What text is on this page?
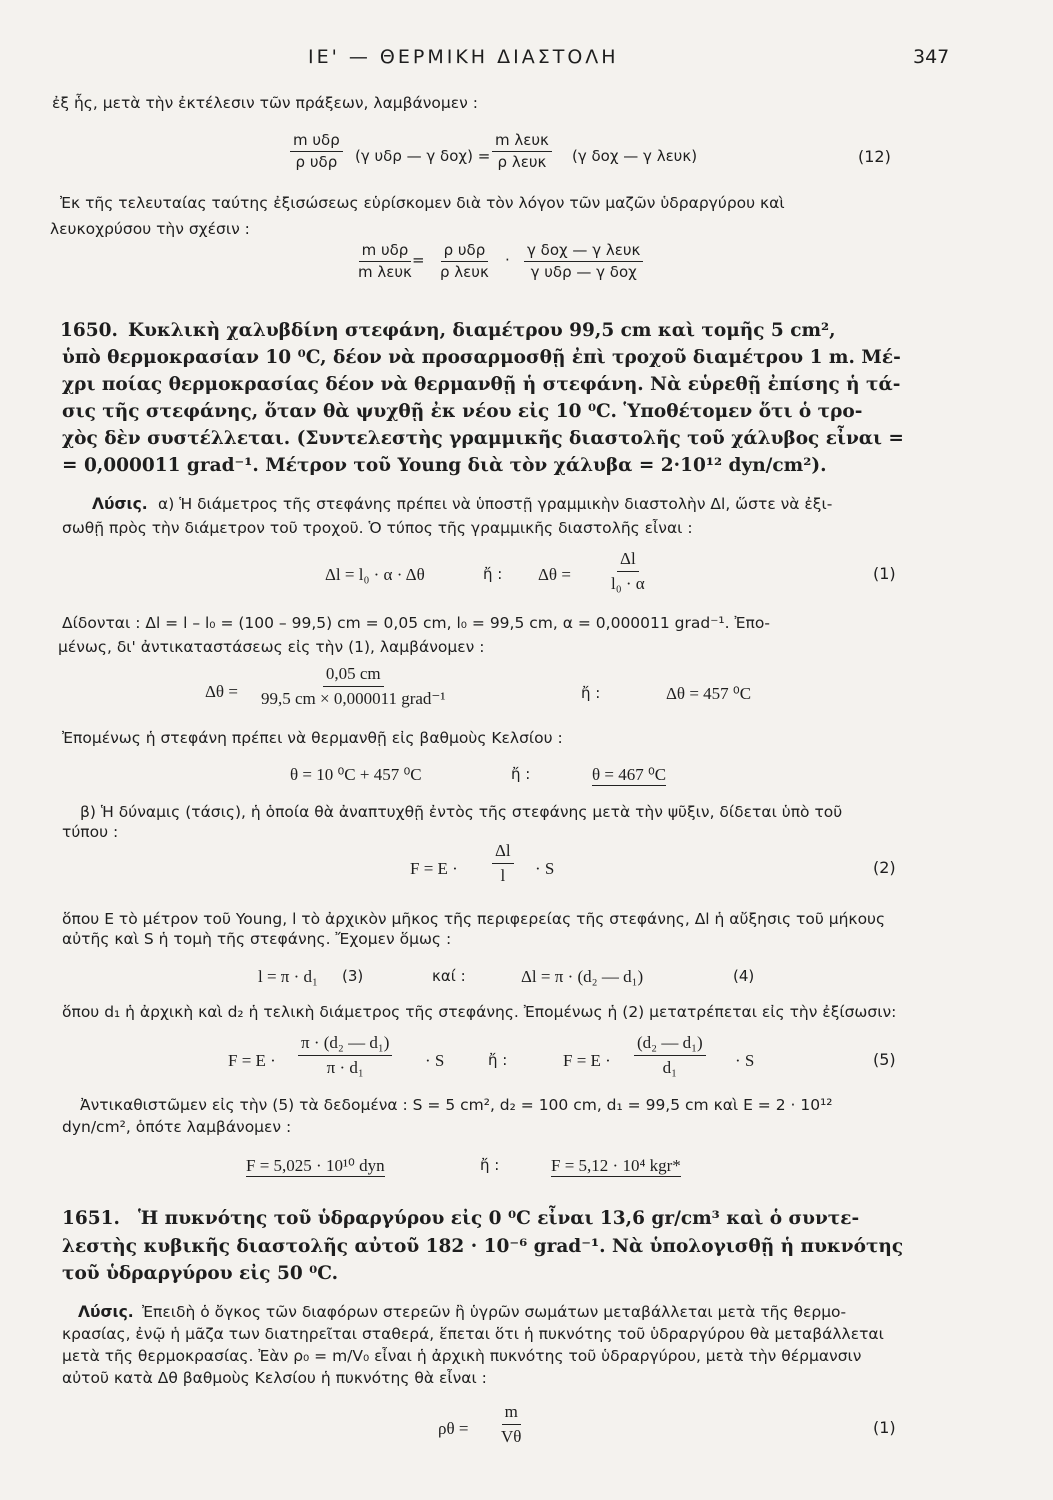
ΙΕ' — ΘΕΡΜΙΚΗ ΔΙΑΣΤΟΛΗ	347
ἐξ ἧς, μετὰ τὴν ἐκτέλεσιν τῶν πράξεων, λαμβάνομεν :
m υδρ
ρ υδρ (γ υδρ — γ δοχ) =
m λευκ
ρ λευκ (γ δοχ — γ λευκ)	(12)
Ἐκ τῆς τελευταίας ταύτης ἐξισώσεως εὑρίσκομεν διὰ τὸν λόγον τῶν μαζῶν ὑδραργύρου καὶ
λευκοχρύσου τὴν σχέσιν :
m υδρ
m λευκ
=
ρ υδρ
ρ λευκ
·
γ δοχ — γ λευκ
γ υδρ — γ δοχ
1650. Κυκλικὴ χαλυβδίνη στεφάνη, διαμέτρου 99,5 cm καὶ τομῆς 5 cm²,
ὑπὸ θερμοκρασίαν 10 ⁰C, δέον νὰ προσαρμοσθῇ ἐπὶ τροχοῦ διαμέτρου 1 m. Μέ-
χρι ποίας θερμοκρασίας δέον νὰ θερμανθῇ ἡ στεφάνη. Νὰ εὑρεθῇ ἐπίσης ἡ τά-
σις τῆς στεφάνης, ὅταν θὰ ψυχθῇ ἐκ νέου εἰς 10 ⁰C. Ὑποθέτομεν ὅτι ὁ τρο-
χὸς δὲν συστέλλεται. (Συντελεστὴς γραμμικῆς διαστολῆς τοῦ χάλυβος εἶναι =
= 0,000011 grad⁻¹. Μέτρον τοῦ Young διὰ τὸν χάλυβα = 2·10¹² dyn/cm²).
Λύσις. α) Ἡ διάμετρος τῆς στεφάνης πρέπει νὰ ὑποστῇ γραμμικὴν διαστολὴν Δl, ὥστε νὰ ἐξι-
σωθῇ πρὸς τὴν διάμετρον τοῦ τροχοῦ. Ὁ τύπος τῆς γραμμικῆς διαστολῆς εἶναι :
Δl = l₀ · α · Δθ	ἤ : $\Delta\theta = \frac{\Delta l}{\text{l₀ · α}}$	(1)
Δίδονται : Δl = l – l₀ = (100 – 99,5) cm = 0,05 cm, l₀ = 99,5 cm, α = 0,000011 grad⁻¹. Ἐπο-
μένως, δι' ἀντικαταστάσεως εἰς τὴν (1), λαμβάνομεν :
Δθ =
0,05 cm
99,5 cm × 0,000011 grad⁻¹	ἤ :	Δθ = 457 ⁰C
Ἐπομένως ἡ στεφάνη πρέπει νὰ θερμανθῇ εἰς βαθμοὺς Κελσίου :
θ = 10 ⁰C + 457 ⁰C	ἤ :	θ = 467 ⁰C
β) Ἡ δύναμις (τάσις), ἡ ὁποία θὰ ἀναπτυχθῇ ἐντὸς τῆς στεφάνης μετὰ τὴν ψῦξιν, δίδεται ὑπὸ τοῦ
τύπου :
$F = E \cdot \frac{\Delta l}{l} \cdot S$	(2)
ὅπου E τὸ μέτρον τοῦ Young, l τὸ ἀρχικὸν μῆκος τῆς περιφερείας τῆς στεφάνης, Δl ἡ αὔξησις τοῦ μήκους
αὐτῆς καὶ S ἡ τομὴ τῆς στεφάνης. Ἔχομεν ὅμως :
l = π · d₁ (3)	καί :	Δl = π · (d₂ — d₁)	(4)
ὅπου d₁ ἡ ἀρχικὴ καὶ d₂ ἡ τελικὴ διάμετρος τῆς στεφάνης. Ἐπομένως ἡ (2) μετατρέπεται εἰς τὴν ἐξίσωσιν:
$F = E \cdot \frac{\text{π · (d₂ — d₁)}}{\text{π · d₁}} \cdot S$	ἤ :	$F = E \cdot \frac{\text{(d₂ — d₁)}}{\text{d₁}} \cdot S$	(5)
Ἀντικαθιστῶμεν εἰς τὴν (5) τὰ δεδομένα : S = 5 cm², d₂ = 100 cm, d₁ = 99,5 cm καὶ E = 2 · 10¹²
dyn/cm², ὁπότε λαμβάνομεν :
F = 5,025 · 10¹⁰ dyn	ἤ :	F = 5,12 · 10⁴ kgr*
1651. Ἡ πυκνότης τοῦ ὑδραργύρου εἰς 0 ⁰C εἶναι 13,6 gr/cm³ καὶ ὁ συντε-
λεστὴς κυβικῆς διαστολῆς αὐτοῦ 182 · 10⁻⁶ grad⁻¹. Νὰ ὑπολογισθῇ ἡ πυκνότης
τοῦ ὑδραργύρου εἰς 50 ⁰C.
Λύσις. Ἐπειδὴ ὁ ὄγκος τῶν διαφόρων στερεῶν ἢ ὑγρῶν σωμάτων μεταβάλλεται μετὰ τῆς θερμο-
κρασίας, ἐνῷ ἡ μᾶζα των διατηρεῖται σταθερά, ἕπεται ὅτι ἡ πυκνότης τοῦ ὑδραργύρου θὰ μεταβάλλεται
μετὰ τῆς θερμοκρασίας. Ἐὰν ρ₀ = m/V₀ εἶναι ἡ ἀρχικὴ πυκνότης τοῦ ὑδραργύρου, μετὰ τὴν θέρμανσιν
αὐτοῦ κατὰ Δθ βαθμοὺς Κελσίου ἡ πυκνότης θὰ εἶναι :
$\rho\theta = \frac{m}{V\theta}$	(1)
